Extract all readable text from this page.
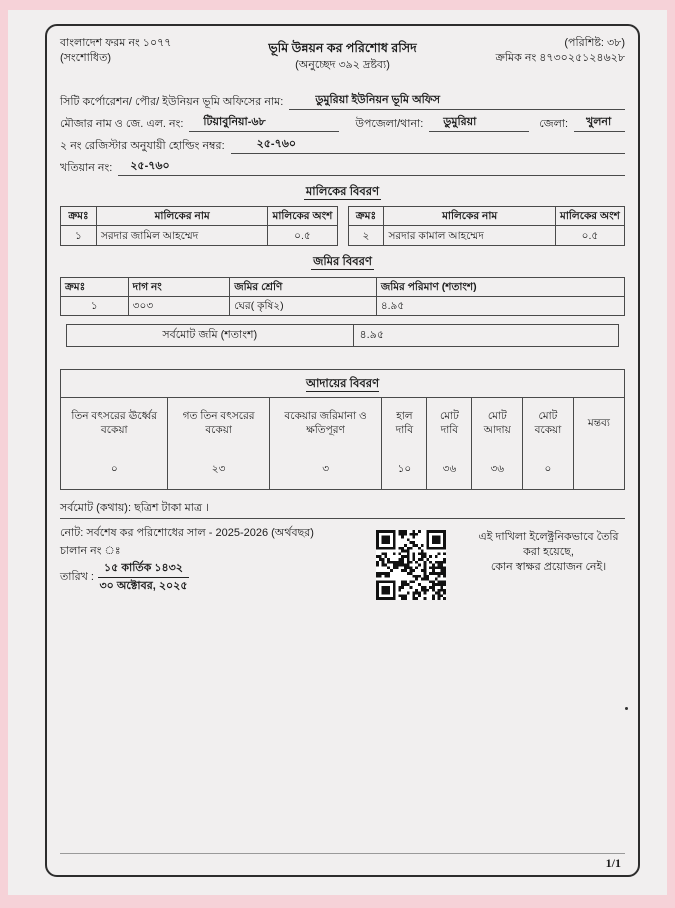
বাংলাদেশ ফরম নং ১০৭৭
(সংশোধিত)
(পরিশিষ্ট: ৩৮)
ক্রমিক নং ৪৭৩০২৫১২৪৬২৮
ভূমি উন্নয়ন কর পরিশোধ রসিদ
(অনুচ্ছেদ ৩৯২ দ্রষ্টব্য)
সিটি কর্পোরেশন/ পৌর/ ইউনিয়ন ভূমি অফিসের নাম:	ডুমুরিয়া ইউনিয়ন ভূমি অফিস
মৌজার নাম ও জে. এল. নং:	টিয়াবুনিয়া-৬৮	উপজেলা/থানা:	ডুমুরিয়া	জেলা:	খুলনা
২ নং রেজিস্টার অনুযায়ী হোল্ডিং নম্বর:	২৫-৭৬০
খতিয়ান নং:	২৫-৭৬০
মালিকের বিবরণ
ক্রমঃ	মালিকের নাম	মালিকের অংশ
১	সরদার জামিল আহম্মেদ	০.৫
ক্রমঃ	মালিকের নাম	মালিকের অংশ
২	সরদার কামাল আহম্মেদ	০.৫
জমির বিবরণ
ক্রমঃ	দাগ নং	জমির শ্রেণি	জমির পরিমাণ (শতাংশ)
১	৩০৩	ঘের( কৃষি২)	৪.৯৫
সর্বমোট জমি (শতাংশ)	৪.৯৫
আদায়ের বিবরণ
তিন বৎসরের ঊর্ধ্বের বকেয়া	গত তিন বৎসরের বকেয়া	বকেয়ার জরিমানা ও ক্ষতিপূরণ	হাল দাবি	মোট দাবি	মোট আদায়	মোট বকেয়া	মন্তব্য
০	২৩	৩	১০	৩৬	৩৬	০	
সর্বমোট (কথায়): ছত্রিশ টাকা মাত্র ।
নোট: সর্বশেষ কর পরিশোধের সাল - 2025-2026 (অর্থবছর)
চালান নং ঃ
তারিখ : $\frac{\text{১৫ কার্তিক ১৪৩২}}{\text{৩০ অক্টোবর, ২০২৫}}$
এই দাখিলা ইলেক্ট্রনিকভাবে তৈরি করা হয়েছে,
কোন স্বাক্ষর প্রয়োজন নেই।
1/1
